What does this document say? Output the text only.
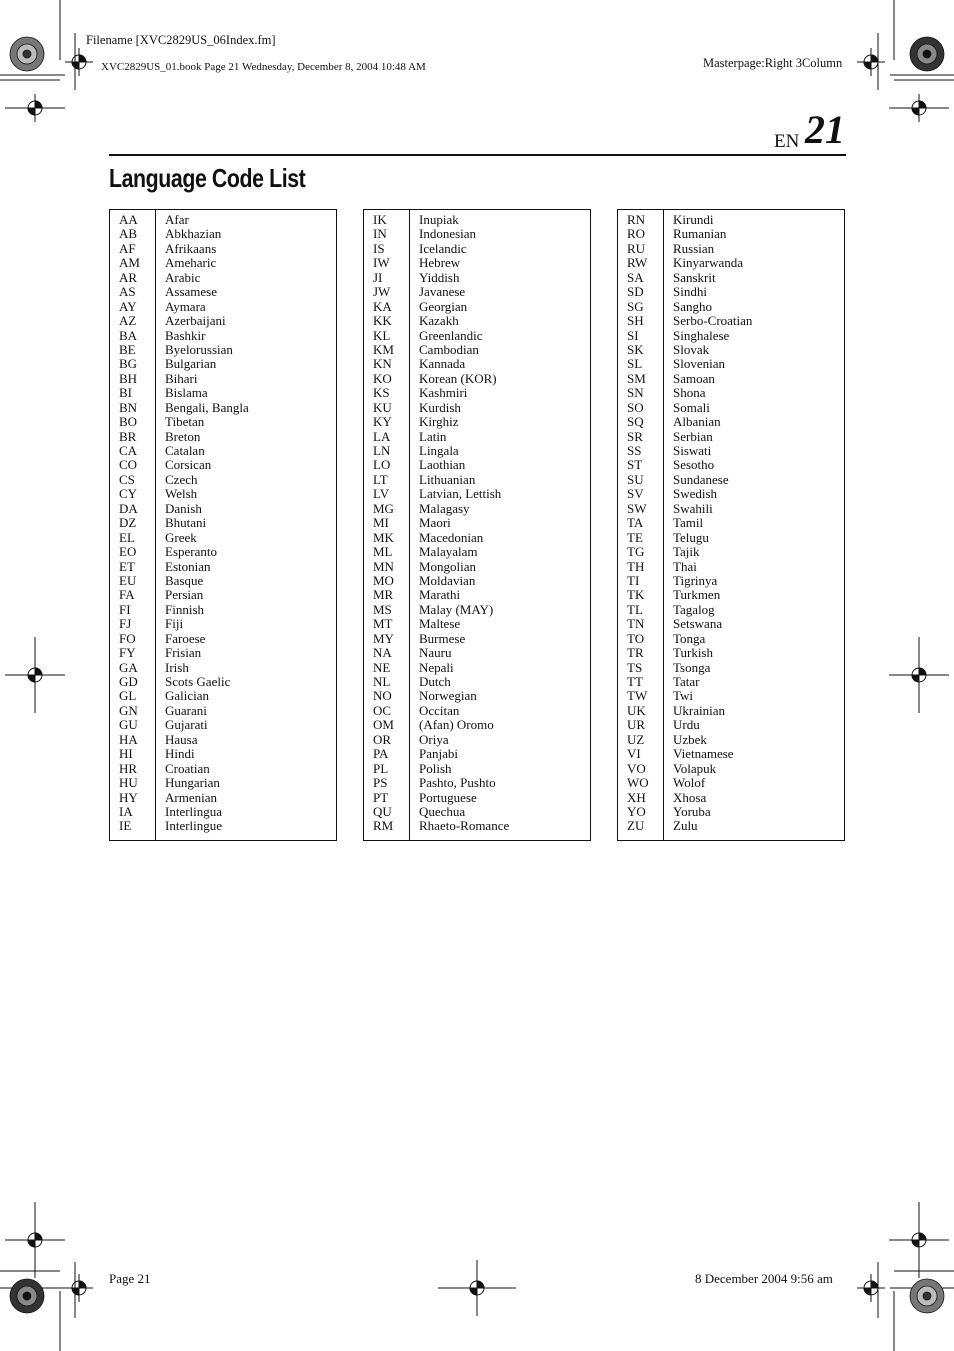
Filename [XVC2829US_06Index.fm]
XVC2829US_01.book Page 21 Wednesday, December 8, 2004 10:48 AM	Masterpage:Right 3Column
EN 21
Language Code List
AA Afar
AB Abkhazian
AF Afrikaans
AM Ameharic
AR Arabic
AS Assamese
AY Aymara
AZ Azerbaijani
BA Bashkir
BE Byelorussian
BG Bulgarian
BH Bihari
BI	Bislama
BN Bengali, Bangla
BO Tibetan
BR Breton
CA Catalan
CO Corsican
CS Czech
CY Welsh
DA Danish
DZ Bhutani
EL Greek
EO Esperanto
ET Estonian
EU Basque
FA Persian
FI	Finnish
FJ	Fiji
FO Faroese
FY Frisian
GA Irish
GD Scots Gaelic
GL Galician
GN Guarani
GU Gujarati
HA Hausa
HI Hindi
HR Croatian
HU Hungarian
HY Armenian
IA Interlingua
IE	Interlingue
IK Inupiak
IN Indonesian
IS	Icelandic
IW Hebrew
JI	Yiddish
JW Javanese
KA Georgian
KK Kazakh
KL Greenlandic
KM Cambodian
KN Kannada
KO Korean (KOR)
KS Kashmiri
KU Kurdish
KY Kirghiz
LA Latin
LN Lingala
LO Laothian
LT Lithuanian
LV Latvian, Lettish
MG Malagasy
MI Maori
MK Macedonian
ML Malayalam
MN Mongolian
MO Moldavian
MR Marathi
MS Malay (MAY)
MT Maltese
MY Burmese
NA Nauru
NE Nepali
NL Dutch
NO Norwegian
OC Occitan
OM (Afan) Oromo
OR Oriya
PA Panjabi
PL Polish
PS Pashto, Pushto
PT Portuguese
QU Quechua
RM Rhaeto-Romance
RN Kirundi
RO Rumanian
RU Russian
RW Kinyarwanda
SA Sanskrit
SD Sindhi
SG Sangho
SH Serbo-Croatian
SI	Singhalese
SK Slovak
SL Slovenian
SM Samoan
SN Shona
SO Somali
SQ Albanian
SR Serbian
SS Siswati
ST Sesotho
SU Sundanese
SV Swedish
SW Swahili
TA Tamil
TE Telugu
TG Tajik
TH Thai
TI	Tigrinya
TK Turkmen
TL Tagalog
TN Setswana
TO Tonga
TR Turkish
TS Tsonga
TT Tatar
TW Twi
UK Ukrainian
UR Urdu
UZ Uzbek
VI Vietnamese
VO Volapuk
WO Wolof
XH Xhosa
YO Yoruba
ZU Zulu
Page 21	8 December 2004 9:56 am
